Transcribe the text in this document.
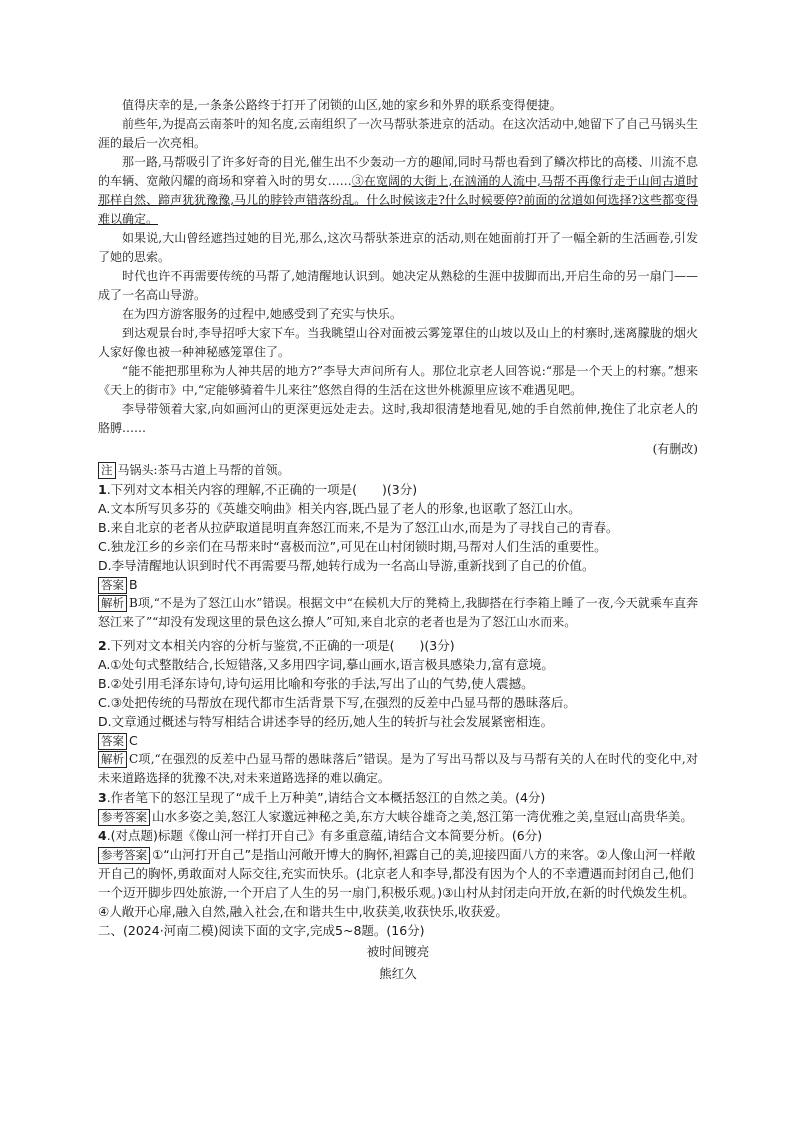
值得庆幸的是,一条条公路终于打开了闭锁的山区,她的家乡和外界的联系变得便捷。

前些年,为提高云南茶叶的知名度,云南组织了一次马帮驮茶进京的活动。在这次活动中,她留下了自己马锅头生涯的最后一次亮相。

那一路,马帮吸引了许多好奇的目光,催生出不少轰动一方的趣闻,同时马帮也看到了鳞次栉比的高楼、川流不息的车辆、宽敞闪耀的商场和穿着入时的男女……③在宽阔的大街上,在汹涌的人流中,马帮不再像行走于山间古道时那样自然、蹄声犹犹豫豫,马儿的脖铃声错落纷乱。什么时候该走?什么时候要停?前面的岔道如何选择?这些都变得难以确定。

如果说,大山曾经遮挡过她的目光,那么,这次马帮驮茶进京的活动,则在她面前打开了一幅全新的生活画卷,引发了她的思索。

时代也许不再需要传统的马帮了,她清醒地认识到。她决定从熟稔的生涯中拔脚而出,开启生命的另一扇门——成了一名高山导游。

在为四方游客服务的过程中,她感受到了充实与快乐。

到达观景台时,李导招呼大家下车。当我眺望山谷对面被云雾笼罩住的山坡以及山上的村寨时,迷离朦胧的烟火人家好像也被一种神秘感笼罩住了。

“能不能把那里称为人神共居的地方?”李导大声问所有人。那位北京老人回答说:“那是一个天上的村寨。”想来《天上的街市》中,“定能够骑着牛儿来往”悠然自得的生活在这世外桃源里应该不难遇见吧。

李导带领着大家,向如画河山的更深更远处走去。这时,我却很清楚地看见,她的手自然前伸,挽住了北京老人的胳膊……

(有删改)

注 马锅头:茶马古道上马帮的首领。

1.下列对文本相关内容的理解,不正确的一项是(　　)(3分)

A.文本所写贝多芬的《英雄交响曲》相关内容,既凸显了老人的形象,也讴歌了怒江山水。

B.来自北京的老者从拉萨取道昆明直奔怒江而来,不是为了怒江山水,而是为了寻找自己的青春。

C.独龙江乡的乡亲们在马帮来时“喜极而泣”,可见在山村闭锁时期,马帮对人们生活的重要性。

D.李导清醒地认识到时代不再需要马帮,她转行成为一名高山导游,重新找到了自己的价值。

答案 B

解析 B项,“不是为了怒江山水”错误。根据文中“在候机大厅的凳椅上,我脚搭在行李箱上睡了一夜,今天就乘车直奔怒江来了”“却没有发现这里的景色这么撩人”可知,来自北京的老者也是为了怒江山水而来。

2.下列对文本相关内容的分析与鉴赏,不正确的一项是(　　)(3分)

A.①处句式整散结合,长短错落,又多用四字词,摹山画水,语言极具感染力,富有意境。

B.②处引用毛泽东诗句,诗句运用比喻和夸张的手法,写出了山的气势,使人震撼。

C.③处把传统的马帮放在现代都市生活背景下写,在强烈的反差中凸显马帮的愚昧落后。

D.文章通过概述与特写相结合讲述李导的经历,她人生的转折与社会发展紧密相连。

答案 C

解析 C项,“在强烈的反差中凸显马帮的愚昧落后”错误。是为了写出马帮以及与马帮有关的人在时代的变化中,对未来道路选择的犹豫不决,对未来道路选择的难以确定。

3.作者笔下的怒江呈现了“成千上万种美”,请结合文本概括怒江的自然之美。(4分)

参考答案 山水多姿之美,怒江人家邈远神秘之美,东方大峡谷雄奇之美,怒江第一湾优雅之美,皇冠山高贵华美。

4.(对点题)标题《像山河一样打开自己》有多重意蕴,请结合文本简要分析。(6分)

参考答案 ①“山河打开自己”是指山河敞开博大的胸怀,袒露自己的美,迎接四面八方的来客。②人像山河一样敞开自己的胸怀,勇敢面对人际交往,充实而快乐。(北京老人和李导,都没有因为个人的不幸遭遇而封闭自己,他们一个迈开脚步四处旅游,一个开启了人生的另一扇门,积极乐观。)③山村从封闭走向开放,在新的时代焕发生机。④人敞开心扉,融入自然,融入社会,在和谐共生中,收获美,收获快乐,收获爱。

二、(2024·河南二模)阅读下面的文字,完成5~8题。(16分)

被时间镀亮

熊红久
